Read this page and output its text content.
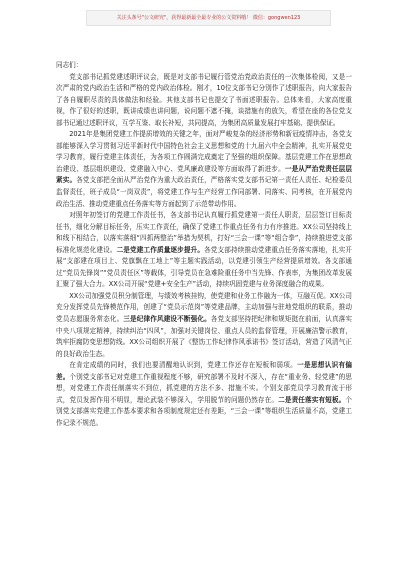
关注头条号"公文研究"，获得最新最全最专业的公文资料哦！ 微信：gongwen123

同志们：

党支部书记抓党建述职评议会，既是对支部书记履行管党治党政治责任的一次集体检阅，又是一次严肃的党内政治生活和严格的党内政治体检。刚才，10位支部书记分别作了述职报告，向大家报告了各自履职尽责的具体做法和经验。其他支部书记也提交了书面述职报告。总体来看，大家高度重视，作了很好的述职，既讲成绩也讲问题，说问题不遮不掩，谈措施有的放矢，希望在座的各位党支部书记通过述职评议，互学互鉴、取长补短，共同提高，为集团高质量发展打牢基础、提供保证。

2021年是集团党建工作提质增效的关键之年，面对严峻复杂的经济形势和新冠疫情冲击，各党支部能够深入学习贯彻习近平新时代中国特色社会主义思想和党的十九届六中全会精神，扎实开展党史学习教育，履行党建主体责任，为各项工作圆满完成奠定了坚强的组织保障。基层党建工作在思想政治建设、基层组织建设、党建融入中心、党风廉政建设等方面取得了新进步。一是从严治党责任层层紧实。各党支部把全面从严治党作为重大政治责任，严格落实党支部书记第一责任人责任、纪检委员监督责任，班子成员“一岗双责”，将党建工作与生产经营工作同部署、同落实、同考核，在开展党内政治生活、推动党建重点任务落实等方面起到了示范带动作用。

对照年初签订的党建工作责任书，各支部书记认真履行抓党建第一责任人职责，层层签订目标责任书，细化分解目标任务，压实工作责任，确保了党建工作重点任务有力有序推进。XX公司坚持线上和线下相结合，以落实落细“四抓两整治”举措为契机，打好“三会一课”等“组合拳”，持续推进党支部标准化规范化建设。二是党建工作质量逐步提升。各党支部持续推动党建重点任务落实落地，扎实开展“支部建在项目上、党旗飘在工地上”等主题实践活动，以党建引领生产经营提质增效。各支部通过“党员先锋岗”“党员责任区”等载体，引导党员在急难险重任务中当先锋、作表率，为集团改革发展汇聚了强大合力。XX公司开展“党建+安全生产”活动，持续巩固党建与业务深度融合的成果。

XX公司加强党员积分制管理，与绩效考核挂钩，使党建和业务工作融为一体，互融互促。XX公司充分发挥党员先锋模范作用，创建了“党员示范岗”等党建品牌，主动加强与驻地党组织的联系，推动党员志愿服务常态化。三是纪律作风建设不断强化。各党支部坚持把纪律和规矩挺在前面，认真落实中央八项规定精神，持续纠治“四风”，加强对关键岗位、重点人员的监督管理，开展廉洁警示教育，筑牢拒腐防变思想防线。XX公司组织开展了《整饬工作纪律作风承诺书》签订活动，营造了风清气正的良好政治生态。

在肯定成绩的同时，我们也要清醒地认识到，党建工作还存在短板和弱项。一是思想认识有偏差。个别党支部书记对党建工作重视程度不够，研究部署不及时不深入，存在“重业务、轻党建”的思想，对党建工作责任制落实不到位，抓党建的方法不多、措施不实。个别支部党员学习教育流于形式，党员发挥作用不明显，理论武装不够深入，学用脱节的问题仍然存在。二是责任落实有短板。个别党支部落实党建工作基本要求和各项制度规定还有差距，“三会一课”等组织生活质量不高，党建工作记录不规范。
